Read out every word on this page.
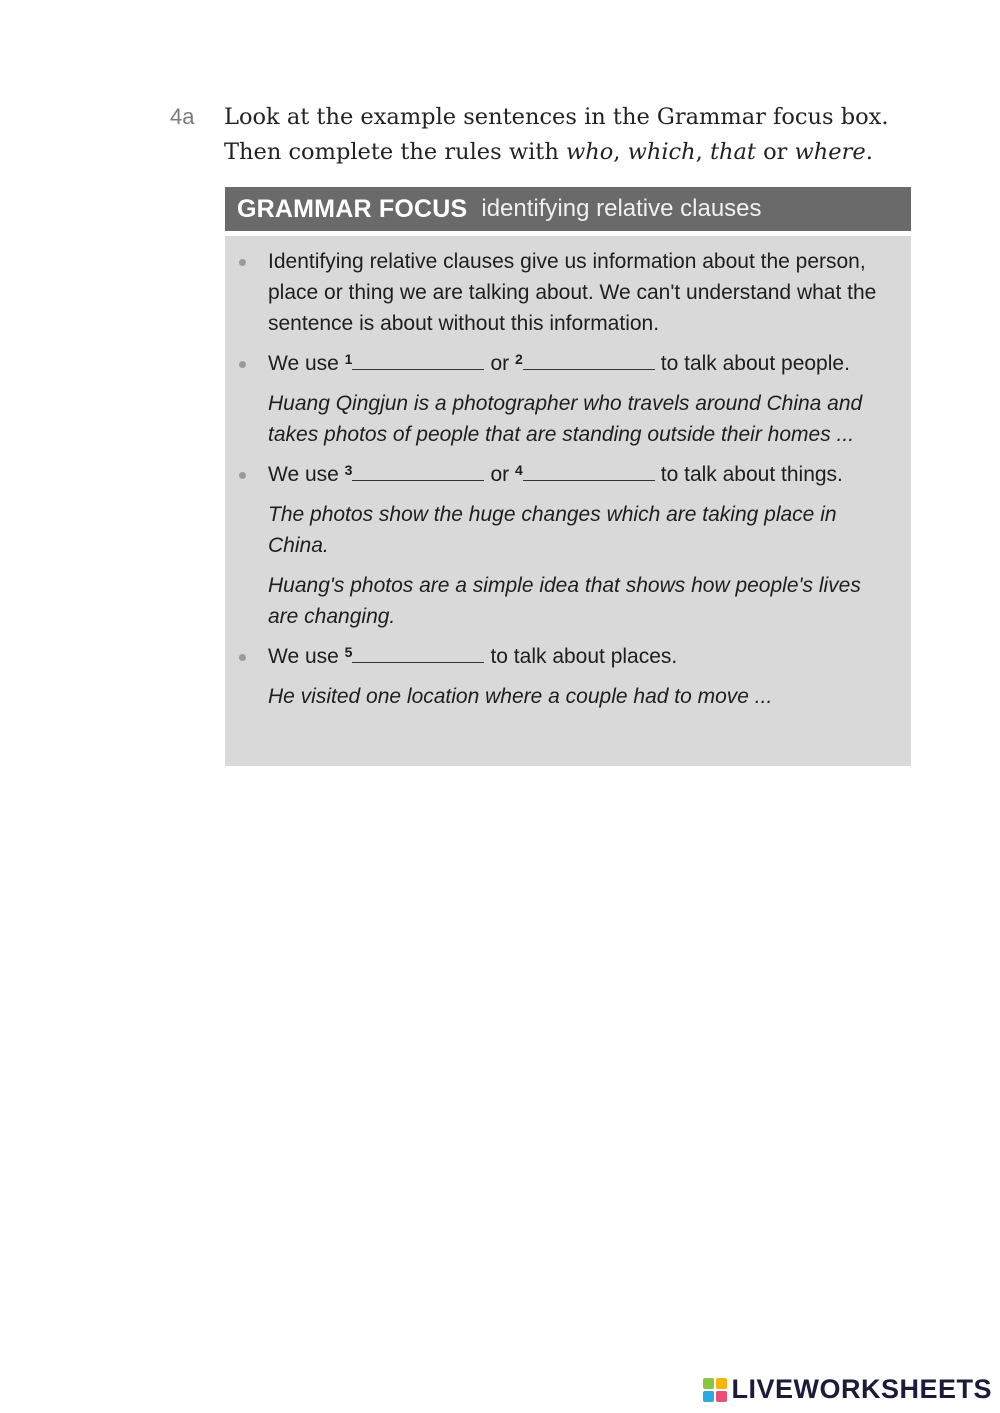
4a Look at the example sentences in the Grammar focus box.
Then complete the rules with who, which, that or where.
GRAMMAR FOCUS identifying relative clauses
Identifying relative clauses give us information about the person, place or thing we are talking about. We can't understand what the sentence is about without this information.
We use $^1$	or $^2$	to talk about people.
Huang Qingjun is a photographer who travels around China and takes photos of people that are standing outside their homes ...
We use $^3$	or $^4$	to talk about things.
The photos show the huge changes which are taking place in China.
Huang's photos are a simple idea that shows how people's lives are changing.
We use $^5$	to talk about places.
He visited one location where a couple had to move ...
LIVEWORKSHEETS
